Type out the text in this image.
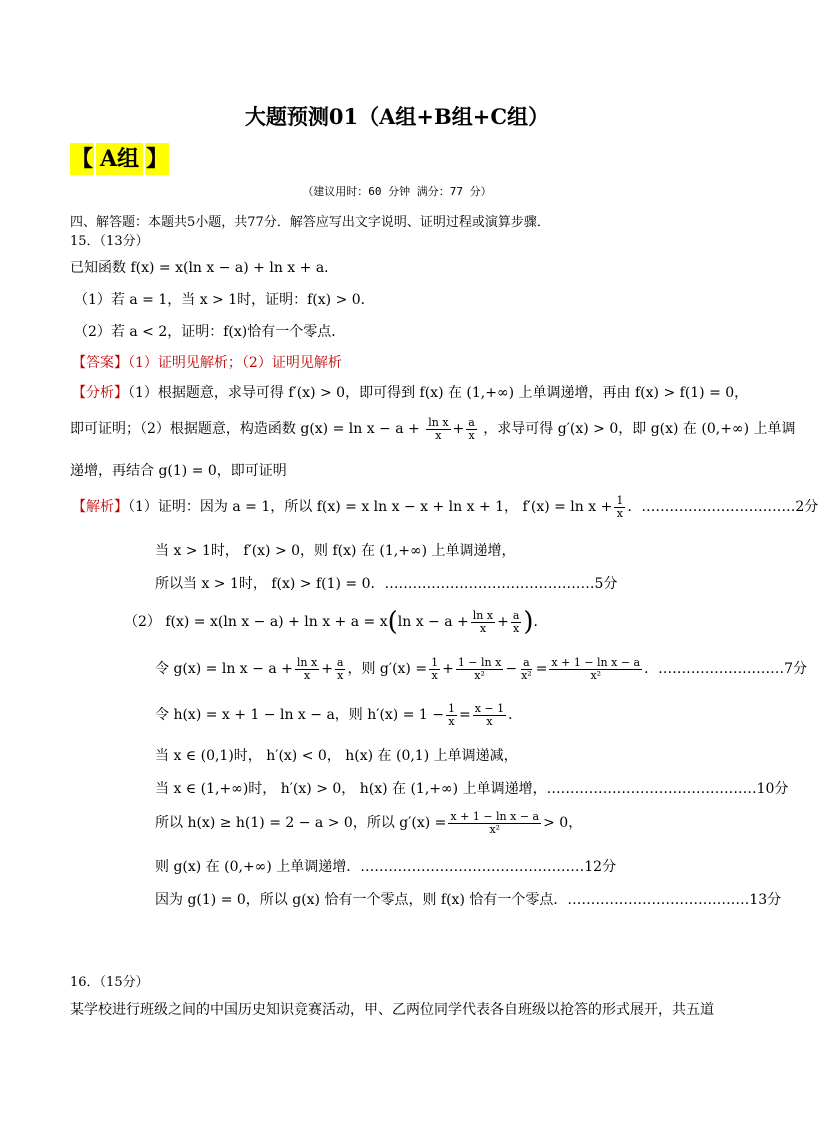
大题预测01（A组+B组+C组）
【 A组 】
（建议用时：60 分钟 满分：77 分）
四、解答题：本题共5小题，共77分．解答应写出文字说明、证明过程或演算步骤．
15．（13分）
已知函数 f(x) = x(ln x − a) + ln x + a．
（1）若 a = 1，当 x > 1时，证明：f(x) > 0．
（2）若 a < 2，证明：f(x)恰有一个零点．
【答案】（1）证明见解析；（2）证明见解析
【分析】（1）根据题意，求导可得 f′(x) > 0，即可得到 f(x) 在 (1,+∞) 上单调递增，再由 f(x) > f(1) = 0，
即可证明；（2）根据题意，构造函数 $g(x) = \ln x - a + \frac{\text{ln x}}{x} + \frac{a}{x}$ ，求导可得 g′(x) > 0，即 g(x) 在 (0,+∞) 上单调
递增，再结合 g(1) = 0，即可证明
【解析】（1）证明：因为 a = 1，所以 f(x) = x ln x − x + ln x + 1， $f'(x) = \ln x + \frac{1}{x}$ ．……………………………2分
当 x > 1时， f′(x) > 0，则 f(x) 在 (1,+∞) 上单调递增，
所以当 x > 1时， f(x) > f(1) = 0．………………………………………5分
（2） f(x) = x(ln x − a) + ln x + a = x(ln $x - a + \frac{\text{ln x}}{x} + \frac{a}{x}$ )．
令 $g(x) = \ln x - a + \frac{\text{ln x}}{x} + \frac{a}{x}$ ，则 $g'(x) = \frac{1}{x} + \frac{\text{1 − ln x}}{\text{x²}} - \frac{a}{\text{x²}} = \frac{\text{x + 1 − ln x − a}}{\text{x²}}$ ．………………………7分
令 h(x) = x + 1 − ln x − a，则 $h'(x) = 1 - \frac{1}{x} = \frac{x - 1}{x}$ ．
当 x ∈ (0,1)时， h′(x) < 0， h(x) 在 (0,1) 上单调递减，
当 x ∈ (1,+∞)时， h′(x) > 0， h(x) 在 (1,+∞) 上单调递增，………………………………………10分
所以 h(x) ≥ h(1) = 2 − a > 0，所以 $g'(x) = \frac{\text{x + 1 − ln x − a}}{\text{x²}} > 0$，
则 g(x) 在 (0,+∞) 上单调递增．…………………………………………12分
因为 g(1) = 0，所以 g(x) 恰有一个零点，则 f(x) 恰有一个零点．…………………………………13分
16．（15分）
某学校进行班级之间的中国历史知识竞赛活动，甲、乙两位同学代表各自班级以抢答的形式展开，共五道
